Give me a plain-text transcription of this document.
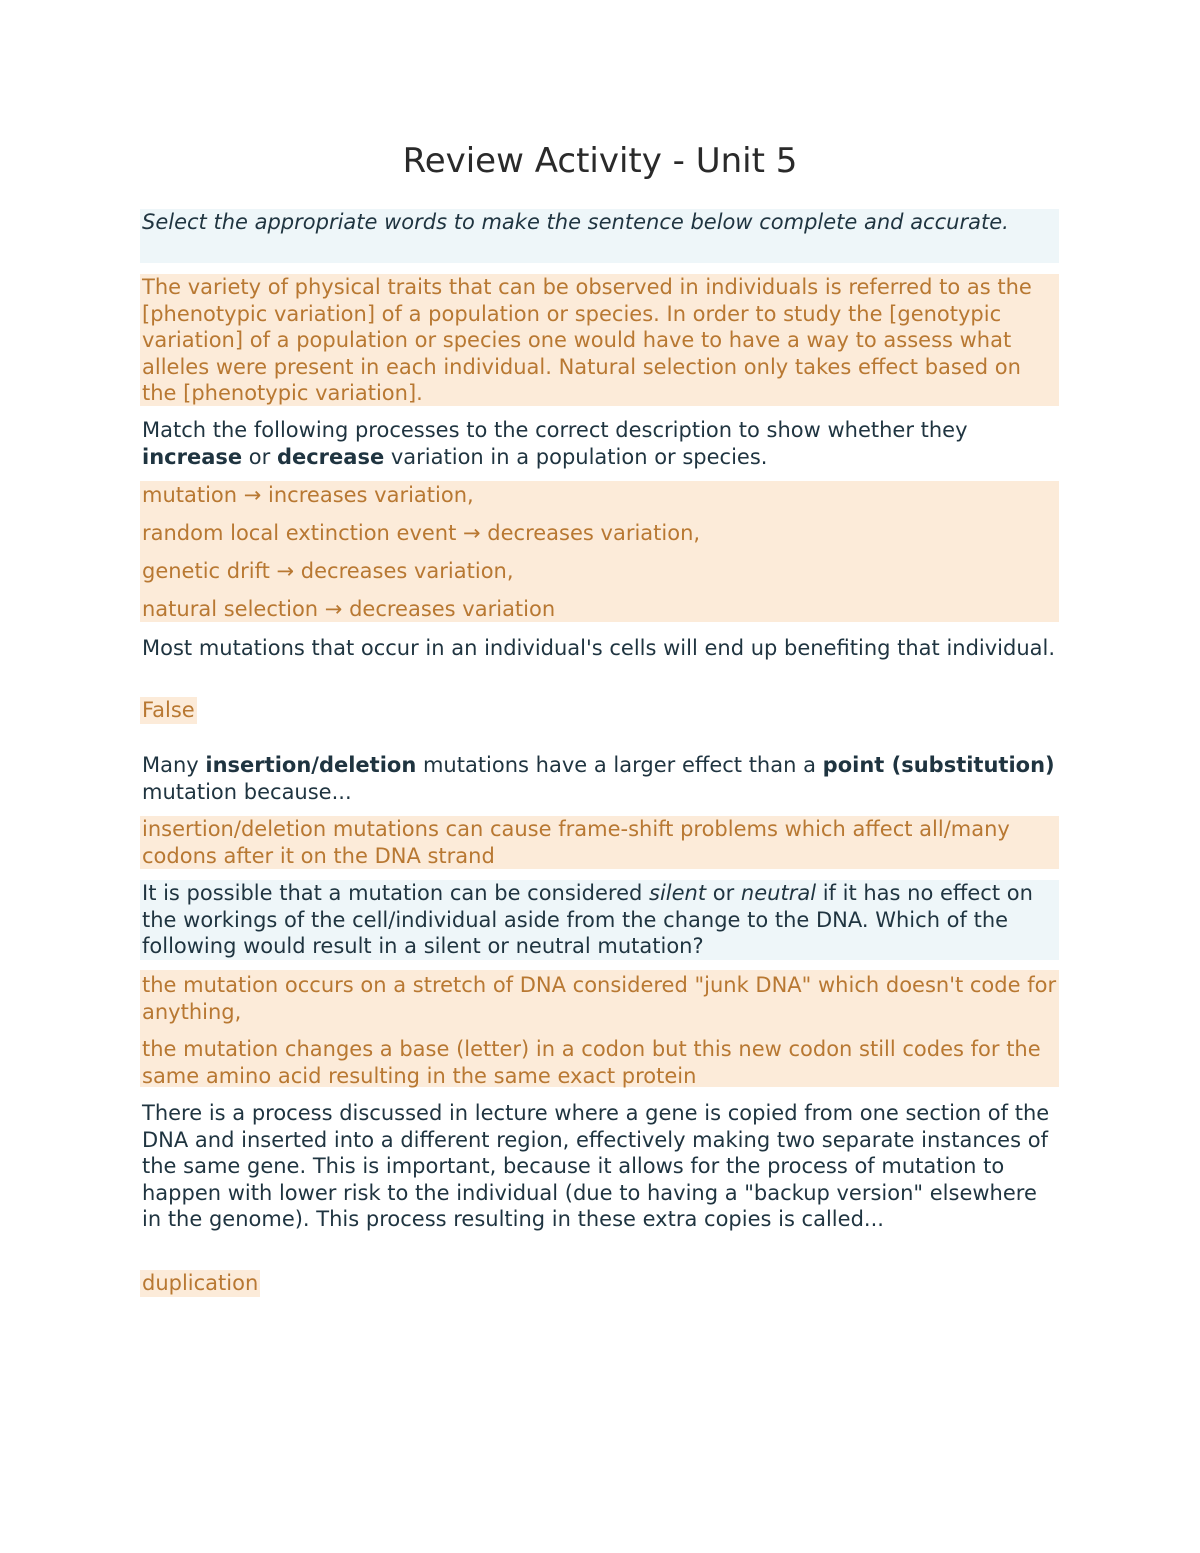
Review Activity - Unit 5

Select the appropriate words to make the sentence below complete and accurate.

The variety of physical traits that can be observed in individuals is referred to as the [phenotypic variation] of a population or species. In order to study the [genotypic variation] of a population or species one would have to have a way to assess what alleles were present in each individual. Natural selection only takes effect based on the [phenotypic variation].

Match the following processes to the correct description to show whether they increase or decrease variation in a population or species.

mutation → increases variation,
random local extinction event → decreases variation,
genetic drift → decreases variation,
natural selection → decreases variation

Most mutations that occur in an individual's cells will end up benefiting that individual.

False

Many insertion/deletion mutations have a larger effect than a point (substitution) mutation because...

insertion/deletion mutations can cause frame-shift problems which affect all/many codons after it on the DNA strand

It is possible that a mutation can be considered silent or neutral if it has no effect on the workings of the cell/individual aside from the change to the DNA. Which of the following would result in a silent or neutral mutation?

the mutation occurs on a stretch of DNA considered "junk DNA" which doesn't code for anything,

the mutation changes a base (letter) in a codon but this new codon still codes for the same amino acid resulting in the same exact protein

There is a process discussed in lecture where a gene is copied from one section of the DNA and inserted into a different region, effectively making two separate instances of the same gene. This is important, because it allows for the process of mutation to happen with lower risk to the individual (due to having a "backup version" elsewhere in the genome). This process resulting in these extra copies is called...

duplication
